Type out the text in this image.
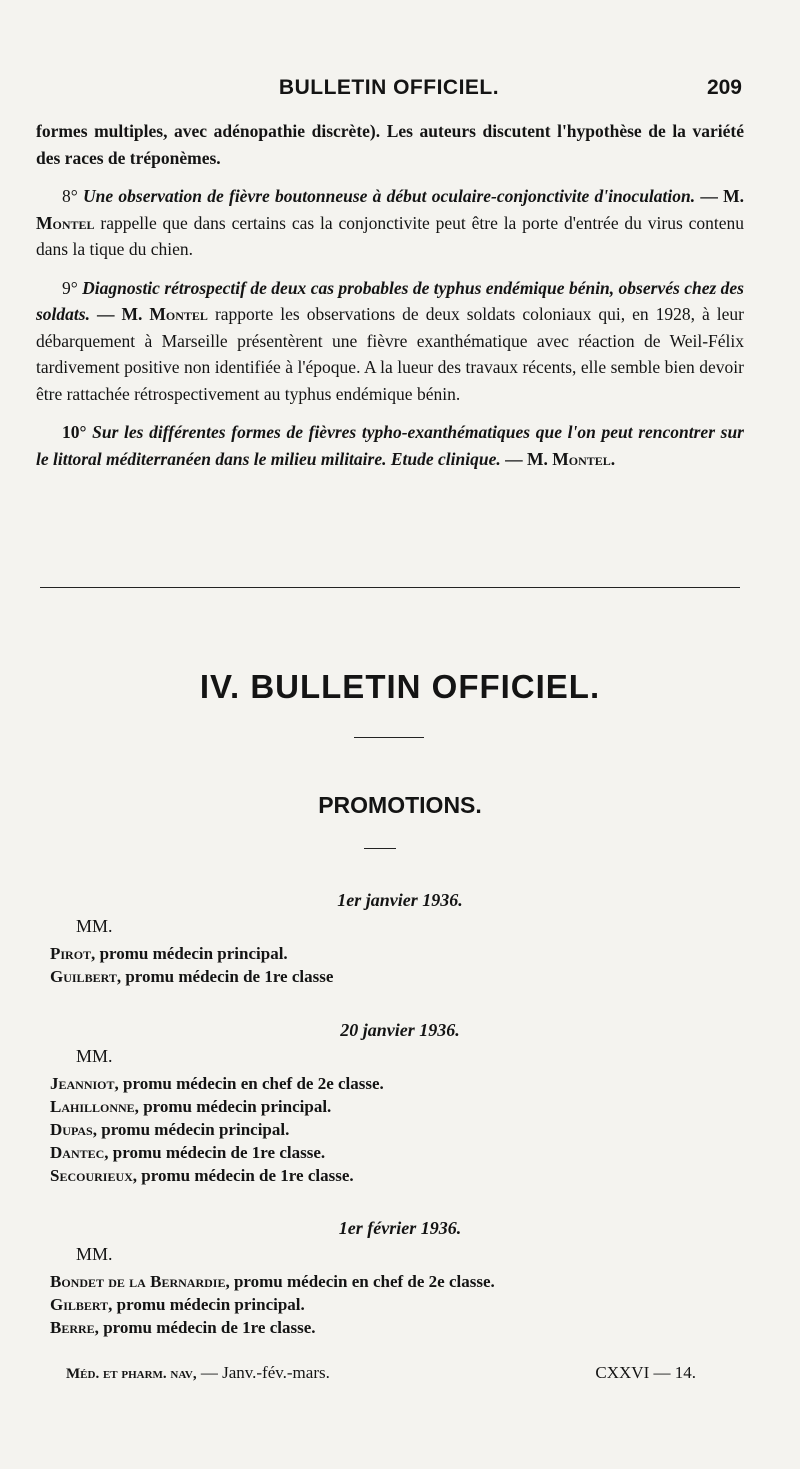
BULLETIN OFFICIEL.	209

formes multiples, avec adénopathie discrète). Les auteurs discutent l'hypothèse de la variété des races de tréponèmes.

8° Une observation de fièvre boutonneuse à début oculaire-conjonctivite d'inoculation. — M. Montel rappelle que dans certains cas la conjonctivite peut être la porte d'entrée du virus contenu dans la tique du chien.

9° Diagnostic rétrospectif de deux cas probables de typhus endémique bénin, observés chez des soldats. — M. Montel rapporte les observations de deux soldats coloniaux qui, en 1928, à leur débarquement à Marseille présentèrent une fièvre exanthématique avec réaction de Weil-Félix tardivement positive non identifiée à l'époque. A la lueur des travaux récents, elle semble bien devoir être rattachée rétrospectivement au typhus endémique bénin.

10° Sur les différentes formes de fièvres typho-exanthématiques que l'on peut rencontrer sur le littoral méditerranéen dans le milieu militaire. Etude clinique. — M. Montel.

IV. BULLETIN OFFICIEL.
PROMOTIONS.
1er janvier 1936.
MM.
Pirot, promu médecin principal.
Guilbert, promu médecin de 1re classe
20 janvier 1936.
MM.
Jeanniot, promu médecin en chef de 2e classe.
Lahillonne, promu médecin principal.
Dupas, promu médecin principal.
Dantec, promu médecin de 1re classe.
Secourieux, promu médecin de 1re classe.
1er février 1936.
MM.
Bondet de la Bernardie, promu médecin en chef de 2e classe.
Gilbert, promu médecin principal.
Berre, promu médecin de 1re classe.
Méd. et pharm. nav, — Janv.-fév.-mars.	CXXVI — 14.
